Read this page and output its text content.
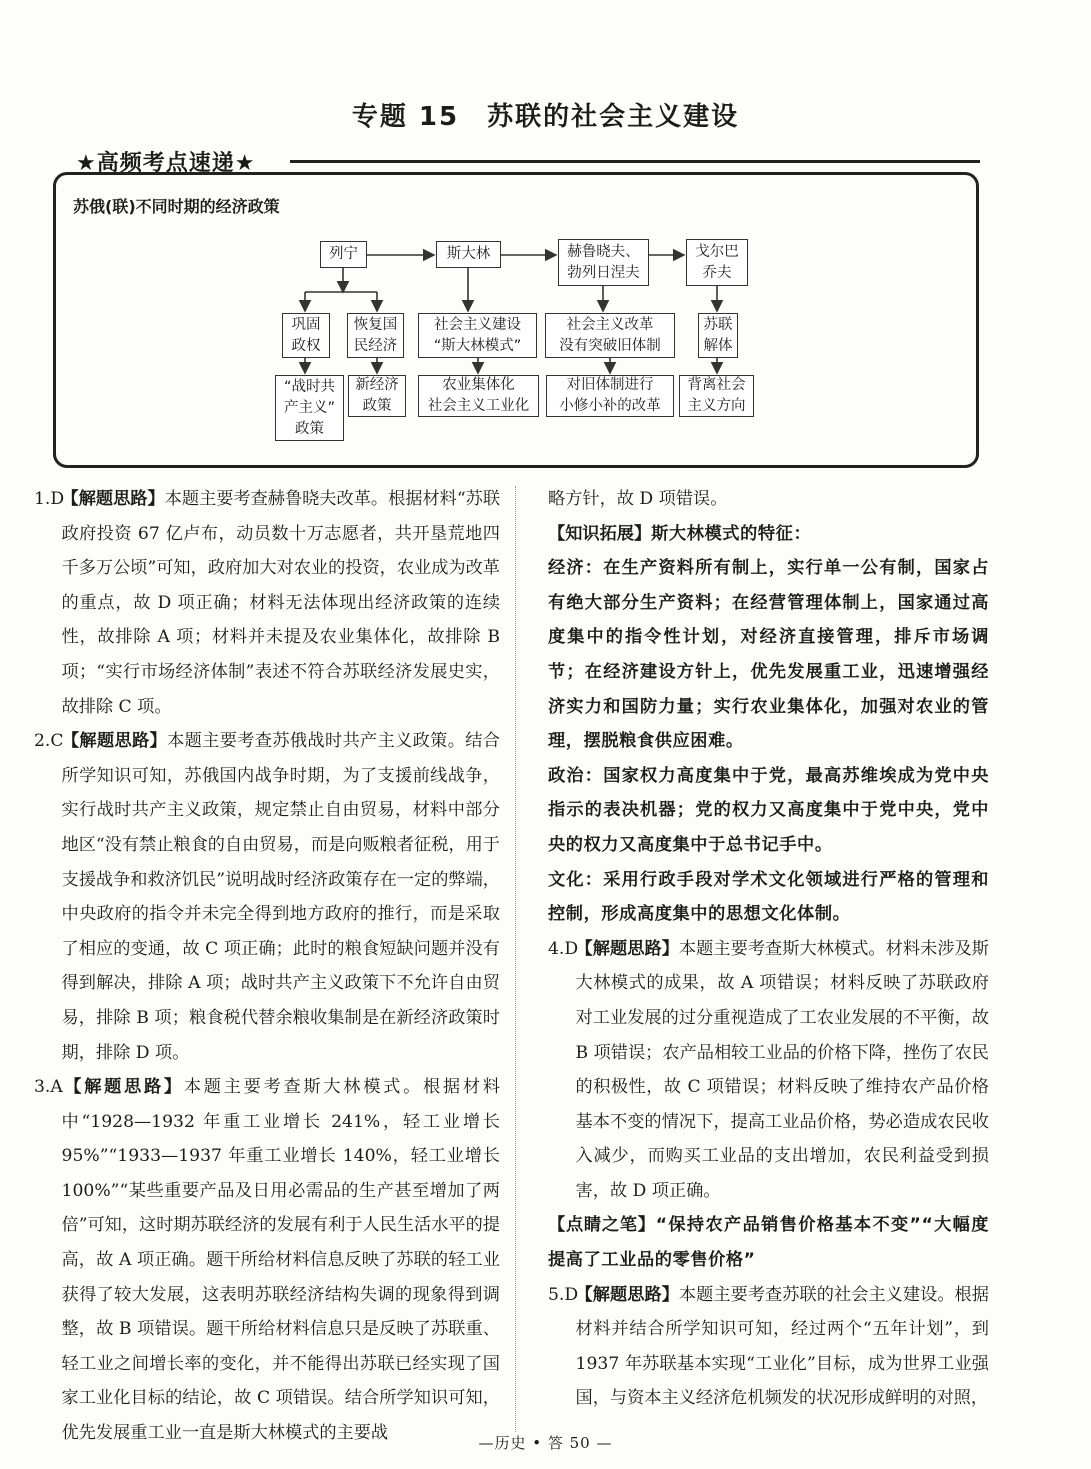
专题 15　苏联的社会主义建设
★高频考点速递★
苏俄(联)不同时期的经济政策
列宁	斯大林	赫鲁晓夫、
勃列日涅夫
戈尔巴
乔夫
巩固
政权
恢复国
民经济
社会主义建设
“斯大林模式”
社会主义改革
没有突破旧体制
苏联
解体
“战时共
产主义”
政策
新经济
政策
农业集体化
社会主义工业化
对旧体制进行
小修小补的改革
背离社会
主义方向

1.D【解题思路】本题主要考查赫鲁晓夫改革。根据材料“苏联政府投资 67 亿卢布，动员数十万志愿者，共开垦荒地四千多万公顷”可知，政府加大对农业的投资，农业成为改革的重点，故 D 项正确；材料无法体现出经济政策的连续性，故排除 A 项；材料并未提及农业集体化，故排除 B 项；“实行市场经济体制”表述不符合苏联经济发展史实，故排除 C 项。

2.C【解题思路】本题主要考查苏俄战时共产主义政策。结合所学知识可知，苏俄国内战争时期，为了支援前线战争，实行战时共产主义政策，规定禁止自由贸易，材料中部分地区“没有禁止粮食的自由贸易，而是向贩粮者征税，用于支援战争和救济饥民”说明战时经济政策存在一定的弊端，中央政府的指令并未完全得到地方政府的推行，而是采取了相应的变通，故 C 项正确；此时的粮食短缺问题并没有得到解决，排除 A 项；战时共产主义政策下不允许自由贸易，排除 B 项；粮食税代替余粮收集制是在新经济政策时期，排除 D 项。

3.A【解题思路】本题主要考查斯大林模式。根据材料中“1928—1932 年重工业增长 241%，轻工业增长 95%”“1933—1937 年重工业增长 140%，轻工业增长 100%”“某些重要产品及日用必需品的生产甚至增加了两倍”可知，这时期苏联经济的发展有利于人民生活水平的提高，故 A 项正确。题干所给材料信息反映了苏联的轻工业获得了较大发展，这表明苏联经济结构失调的现象得到调整，故 B 项错误。题干所给材料信息只是反映了苏联重、轻工业之间增长率的变化，并不能得出苏联已经实现了国家工业化目标的结论，故 C 项错误。结合所学知识可知，优先发展重工业一直是斯大林模式的主要战

略方针，故 D 项错误。

【知识拓展】斯大林模式的特征：

经济：在生产资料所有制上，实行单一公有制，国家占有绝大部分生产资料；在经营管理体制上，国家通过高度集中的指令性计划，对经济直接管理，排斥市场调节；在经济建设方针上，优先发展重工业，迅速增强经济实力和国防力量；实行农业集体化，加强对农业的管理，摆脱粮食供应困难。

政治：国家权力高度集中于党，最高苏维埃成为党中央指示的表决机器；党的权力又高度集中于党中央，党中央的权力又高度集中于总书记手中。

文化：采用行政手段对学术文化领域进行严格的管理和控制，形成高度集中的思想文化体制。

4.D【解题思路】本题主要考查斯大林模式。材料未涉及斯大林模式的成果，故 A 项错误；材料反映了苏联政府对工业发展的过分重视造成了工农业发展的不平衡，故 B 项错误；农产品相较工业品的价格下降，挫伤了农民的积极性，故 C 项错误；材料反映了维持农产品价格基本不变的情况下，提高工业品价格，势必造成农民收入减少，而购买工业品的支出增加，农民利益受到损害，故 D 项正确。

【点睛之笔】“保持农产品销售价格基本不变”“大幅度提高了工业品的零售价格”

5.D【解题思路】本题主要考查苏联的社会主义建设。根据材料并结合所学知识可知，经过两个“五年计划”，到 1937 年苏联基本实现“工业化”目标，成为世界工业强国，与资本主义经济危机频发的状况形成鲜明的对照，

—历史 • 答 50 —
